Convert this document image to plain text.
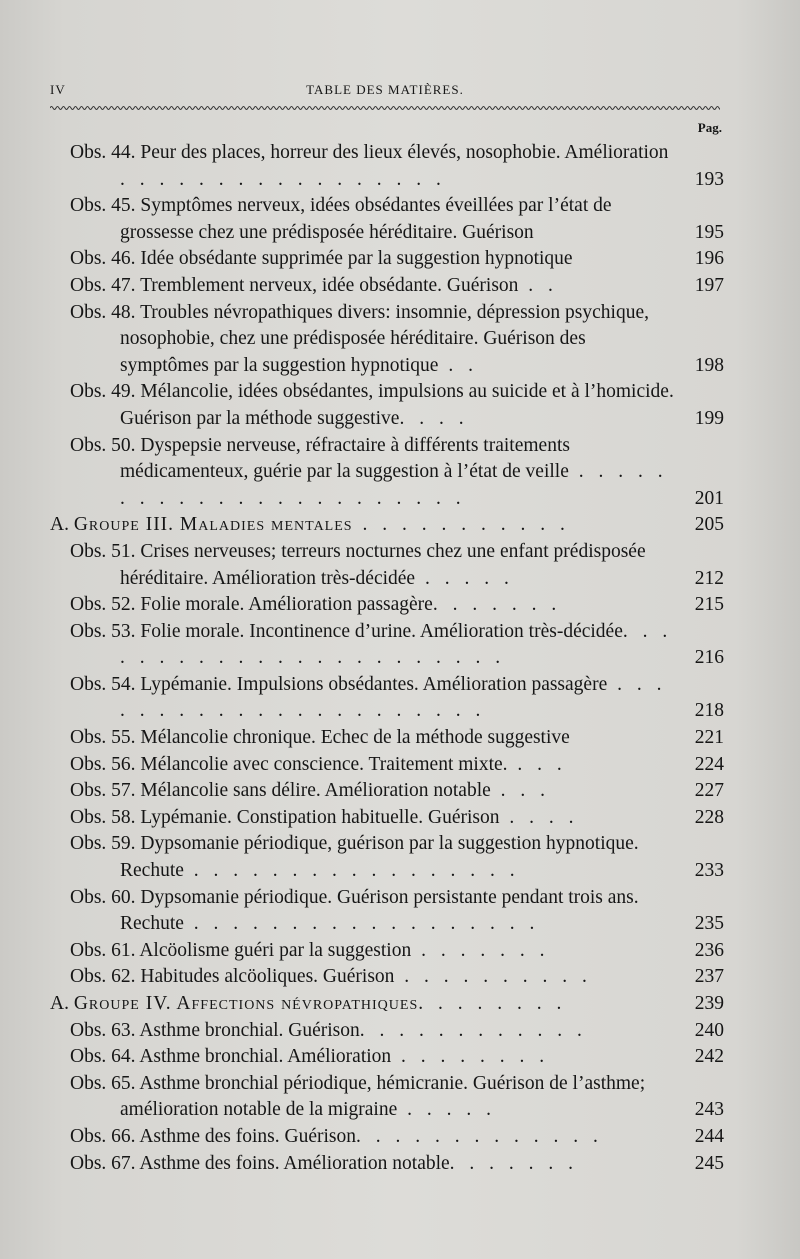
IV	TABLE DES MATIÈRES.
Pag.
Obs. 44. Peur des places, horreur des lieux élevés, nosophobie. Amélioration . . . . . . . . . . . . . . . . .	193
Obs. 45. Symptômes nerveux, idées obsédantes éveillées par l’état de grossesse chez une prédisposée héréditaire. Guérison	195
Obs. 46. Idée obsédante supprimée par la suggestion hypnotique	196
Obs. 47. Tremblement nerveux, idée obsédante. Guérison . .	197
Obs. 48. Troubles névropathiques divers: insomnie, dépression psychique, nosophobie, chez une prédisposée héréditaire. Guérison des symptômes par la suggestion hypnotique . .	198
Obs. 49. Mélancolie, idées obsédantes, impulsions au suicide et à l’homicide. Guérison par la méthode suggestive. . . .	199
Obs. 50. Dyspepsie nerveuse, réfractaire à différents traitements médicamenteux, guérie par la suggestion à l’état de veille . . . . . . . . . . . . . . . . . . . . . . .	201
A. Groupe III. Maladies mentales . . . . . . . . . . .	205
Obs. 51. Crises nerveuses; terreurs nocturnes chez une enfant prédisposée héréditaire. Amélioration très-décidée . . . . .	212
Obs. 52. Folie morale. Amélioration passagère. . . . . . .	215
Obs. 53. Folie morale. Incontinence d’urine. Amélioration très-décidée. . . . . . . . . . . . . . . . . . . . . . .	216
Obs. 54. Lypémanie. Impulsions obsédantes. Amélioration passagère . . . . . . . . . . . . . . . . . . . . . .	218
Obs. 55. Mélancolie chronique. Echec de la méthode suggestive	221
Obs. 56. Mélancolie avec conscience. Traitement mixte. . . .	224
Obs. 57. Mélancolie sans délire. Amélioration notable . . .	227
Obs. 58. Lypémanie. Constipation habituelle. Guérison . . . .	228
Obs. 59. Dypsomanie périodique, guérison par la suggestion hypnotique. Rechute . . . . . . . . . . . . . . . . .	233
Obs. 60. Dypsomanie périodique. Guérison persistante pendant trois ans. Rechute . . . . . . . . . . . . . . . . . .	235
Obs. 61. Alcöolisme guéri par la suggestion . . . . . . .	236
Obs. 62. Habitudes alcöoliques. Guérison . . . . . . . . . .	237
A. Groupe IV. Affections névropathiques. . . . . . . .	239
Obs. 63. Asthme bronchial. Guérison. . . . . . . . . . . .	240
Obs. 64. Asthme bronchial. Amélioration . . . . . . . .	242
Obs. 65. Asthme bronchial périodique, hémicranie. Guérison de l’asthme; amélioration notable de la migraine . . . . .	243
Obs. 66. Asthme des foins. Guérison. . . . . . . . . . . . .	244
Obs. 67. Asthme des foins. Amélioration notable. . . . . . .	245
